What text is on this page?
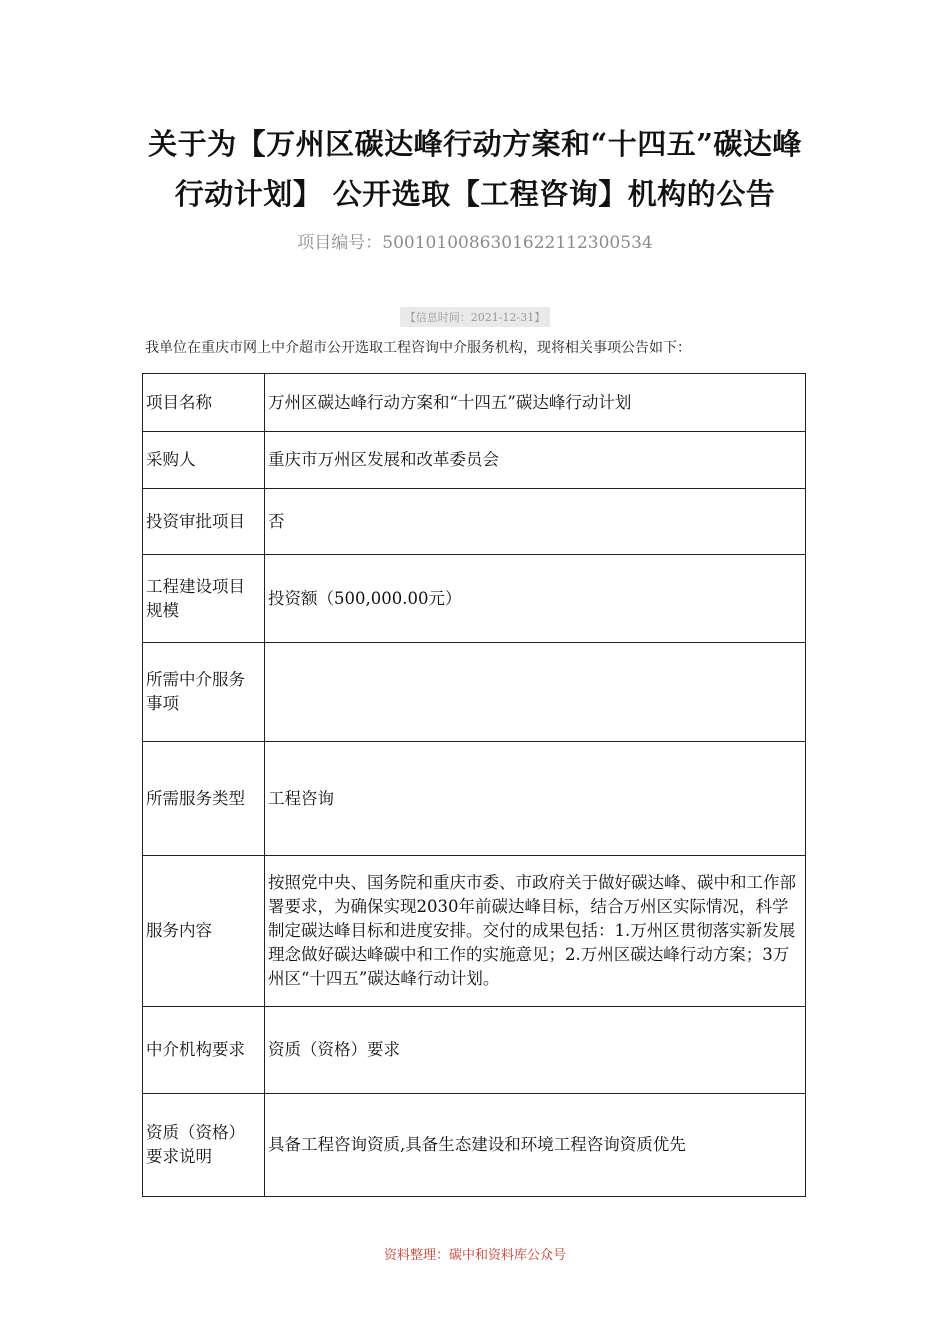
关于为【万州区碳达峰行动方案和“十四五”碳达峰
行动计划】 公开选取【工程咨询】机构的公告
项目编号：500101008630162211230053​4
【信息时间：2021-12-31】
我单位在重庆市网上中介超市公开选取工程咨询中介服务机构，现将相关事项公告如下：
项目名称	万州区碳达峰行动方案和“十四五”碳达峰行动计划
采购人	重庆市万州区发展和改革委员会
投资审批项目	否
工程建设项目规模	投资额（500,000.00元）
所需中介服务事项	
所需服务类型	工程咨询
服务内容	按照党中央、国务院和重庆市委、市政府关于做好碳达峰、碳中和工作部署要求，为确保实现2030年前碳达峰目标，结合万州区实际情况，科学制定碳达峰目标和进度安排。交付的成果包括：1.万州区贯彻落实新发展理念做好碳达峰碳中和工作的实施意见；2.万州区碳达峰行动方案；3万州区“十四五”碳达峰行动计划。
中介机构要求	资质（资格）要求
资质（资格）要求说明	具备工程咨询资质,具备生态建设和环境工程咨询资质优先
资料整理：碳中和资料库公众号
